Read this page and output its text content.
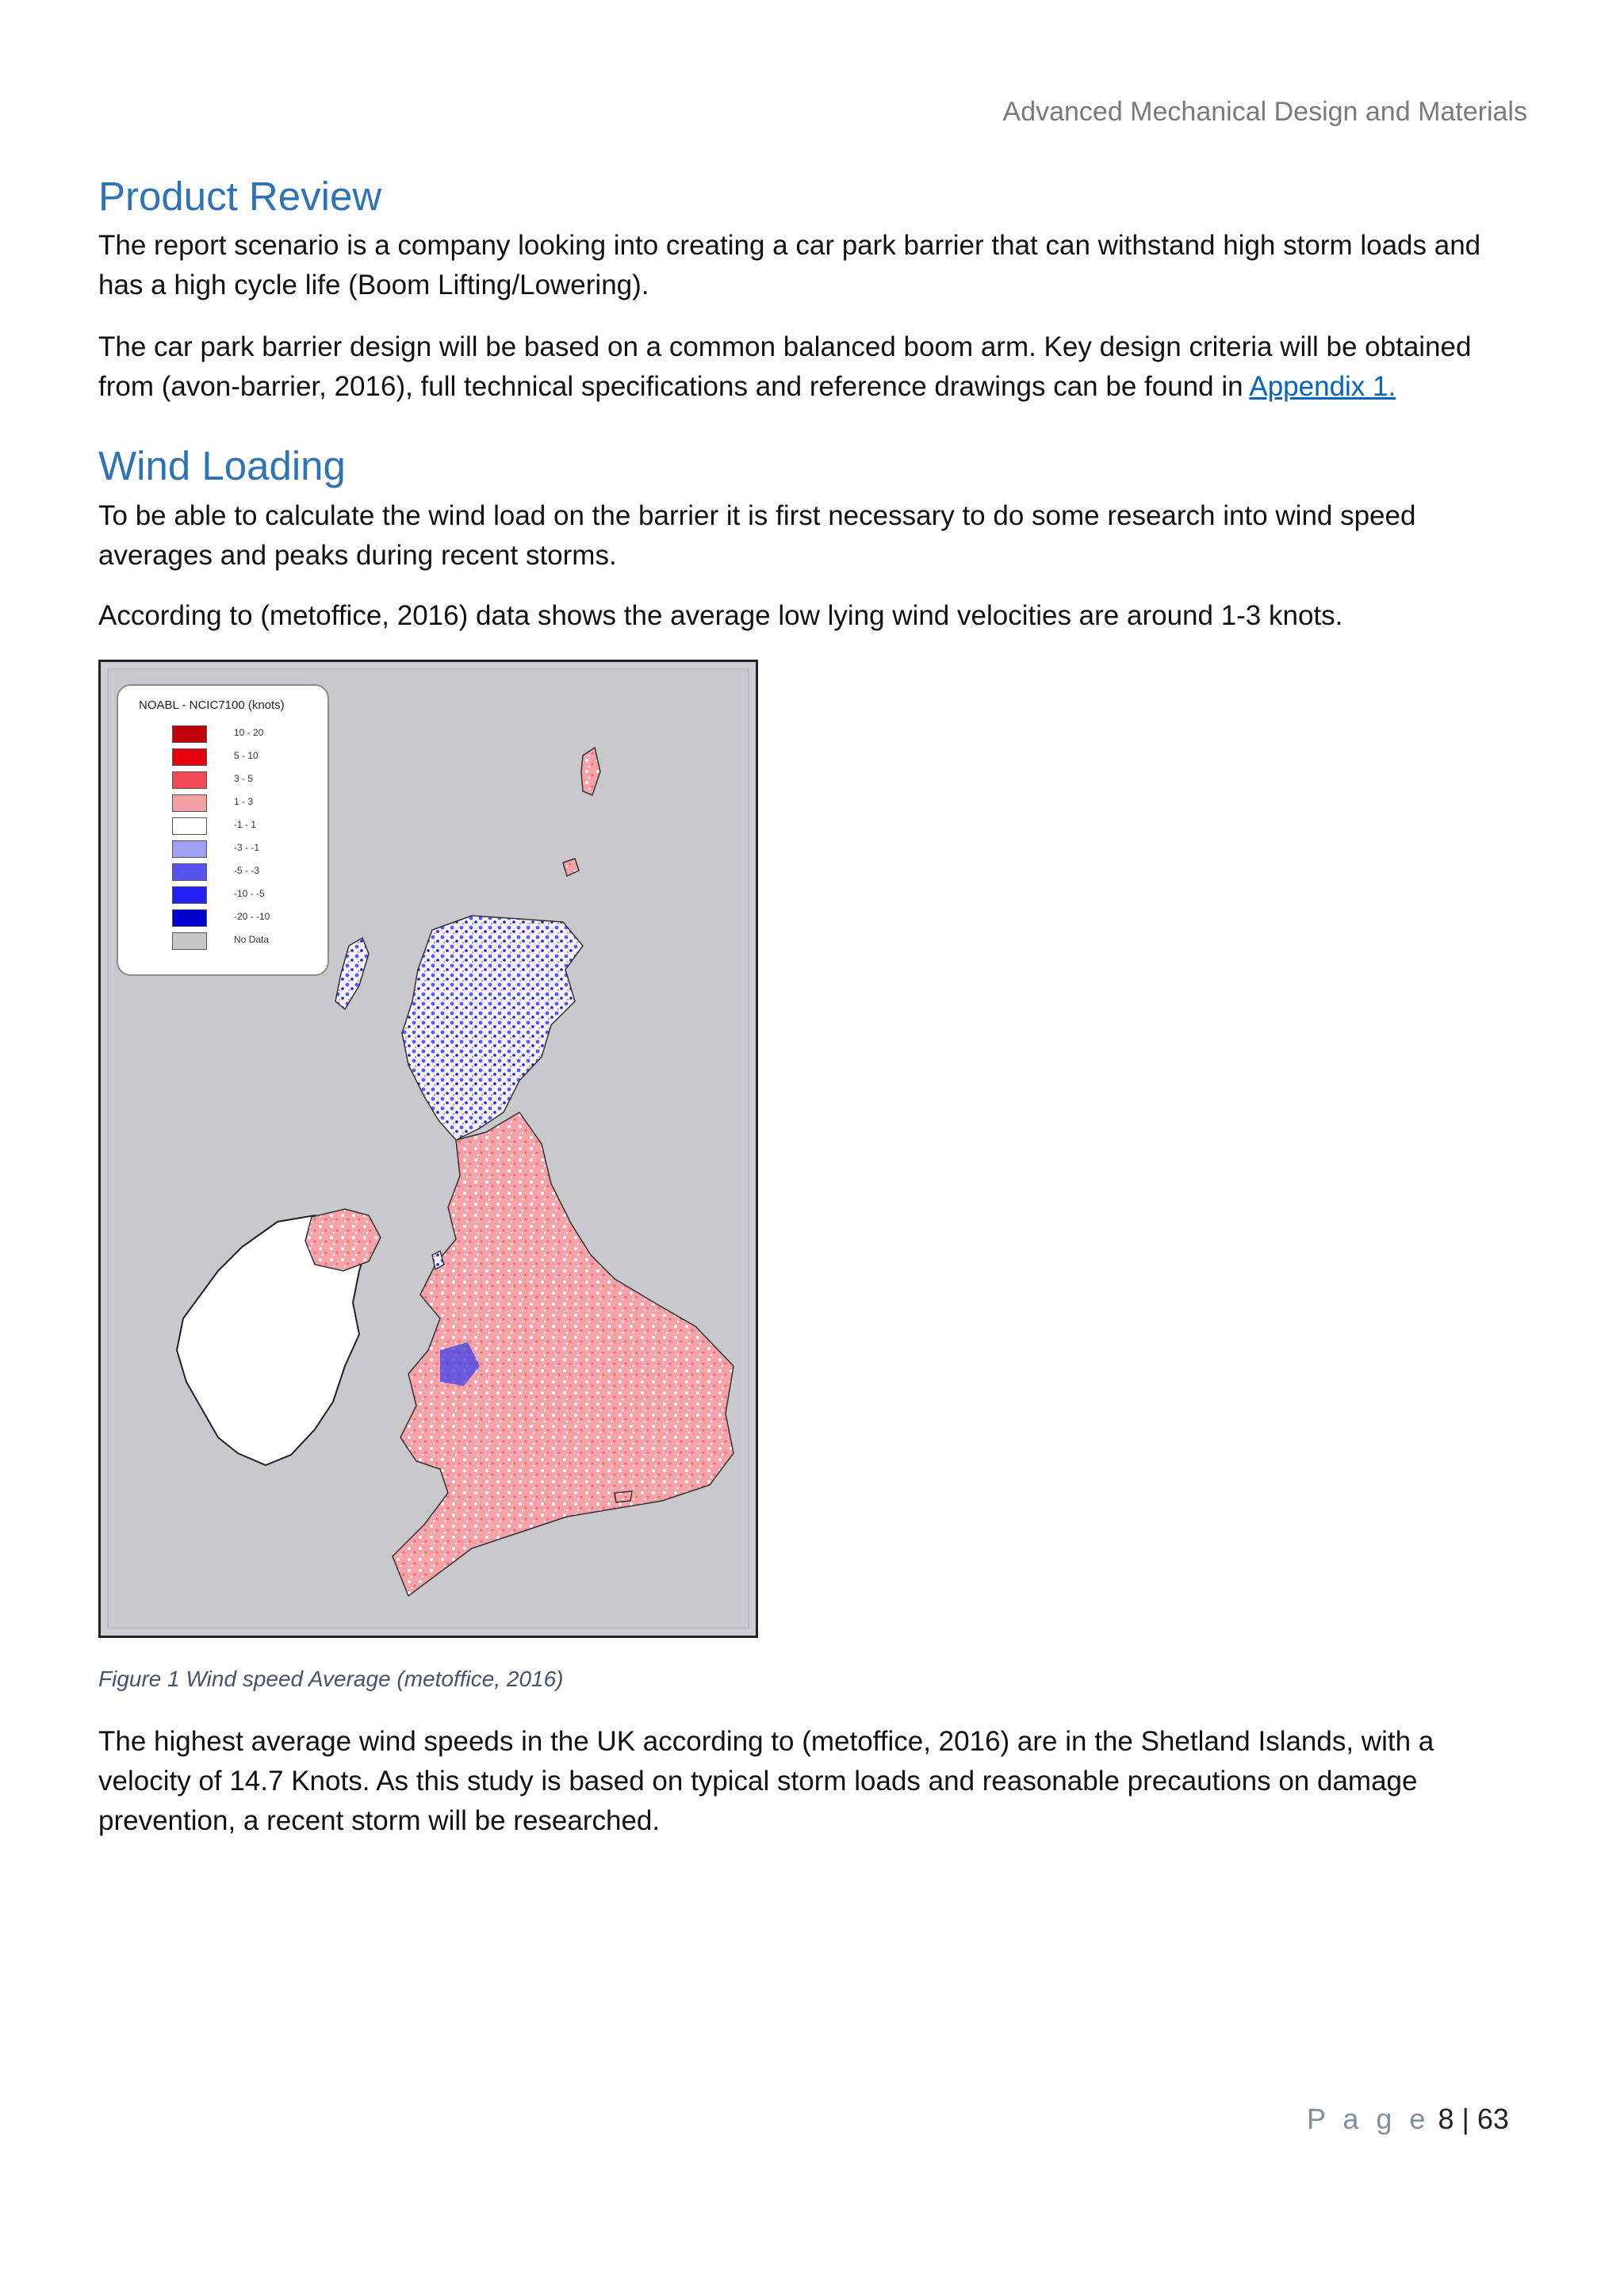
Advanced Mechanical Design and Materials
Product Review

The report scenario is a company looking into creating a car park barrier that can withstand high storm loads and has a high cycle life (Boom Lifting/Lowering).

The car park barrier design will be based on a common balanced boom arm. Key design criteria will be obtained from (avon-barrier, 2016), full technical specifications and reference drawings can be found in Appendix 1.

Wind Loading

To be able to calculate the wind load on the barrier it is first necessary to do some research into wind speed averages and peaks during recent storms.

According to (metoffice, 2016) data shows the average low lying wind velocities are around 1-3 knots.

NOABL - NCIC7100 (knots)
10 - 20
5 - 10
3 - 5
1 - 3
-1 - 1
-3 - -1
-5 - -3
-10 - -5
-20 - -10
No Data
Figure 1 Wind speed Average (metoffice, 2016)

The highest average wind speeds in the UK according to (metoffice, 2016) are in the Shetland Islands, with a velocity of 14.7 Knots. As this study is based on typical storm loads and reasonable precautions on damage prevention, a recent storm will be researched.

P a g e 8 | 63
